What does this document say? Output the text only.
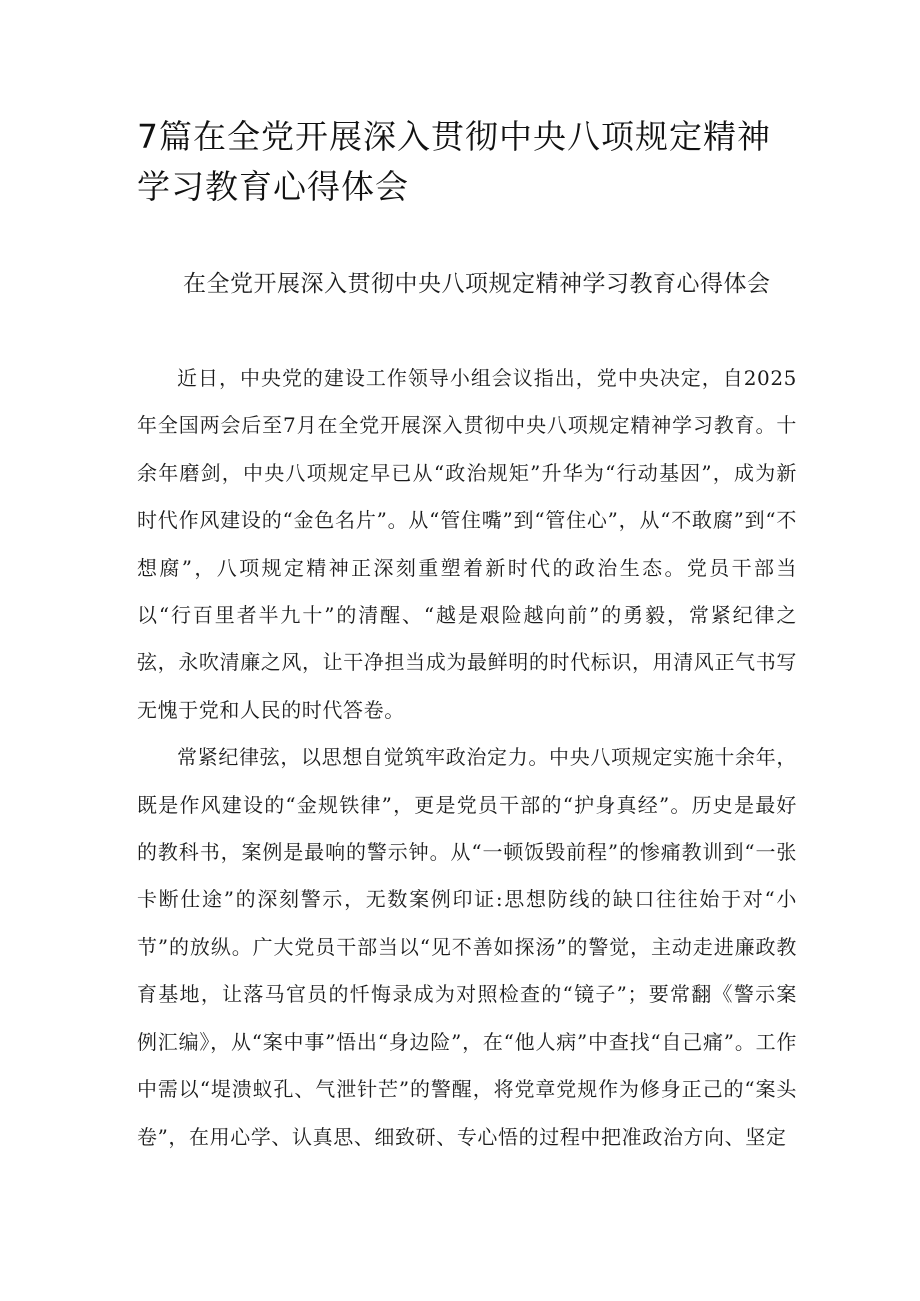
7篇在全党开展深入贯彻中央八项规定精神学习教育心得体会
在全党开展深入贯彻中央八项规定精神学习教育心得体会

近日，中央党的建设工作领导小组会议指出，党中央决定，自2025年全国两会后至7月在全党开展深入贯彻中央八项规定精神学习教育。十余年磨剑，中央八项规定早已从“政治规矩”升华为“行动基因”，成为新时代作风建设的“金色名片”。从“管住嘴”到“管住心”，从“不敢腐”到“不想腐”，八项规定精神正深刻重塑着新时代的政治生态。党员干部当以“行百里者半九十”的清醒、“越是艰险越向前”的勇毅，常紧纪律之弦，永吹清廉之风，让干净担当成为最鲜明的时代标识，用清风正气书写无愧于党和人民的时代答卷。

常紧纪律弦，以思想自觉筑牢政治定力。中央八项规定实施十余年，既是作风建设的“金规铁律”，更是党员干部的“护身真经”。历史是最好的教科书，案例是最响的警示钟。从“一顿饭毁前程”的惨痛教训到“一张卡断仕途”的深刻警示，无数案例印证:思想防线的缺口往往始于对“小节”的放纵。广大党员干部当以“见不善如探汤”的警觉，主动走进廉政教育基地，让落马官员的忏悔录成为对照检查的“镜子”；要常翻《警示案例汇编》，从“案中事”悟出“身边险”，在“他人病”中查找“自己痛”。工作中需以“堤溃蚁孔、气泄针芒”的警醒，将党章党规作为修身正己的“案头卷”，在用心学、认真思、细致研、专心悟的过程中把准政治方向、坚定
